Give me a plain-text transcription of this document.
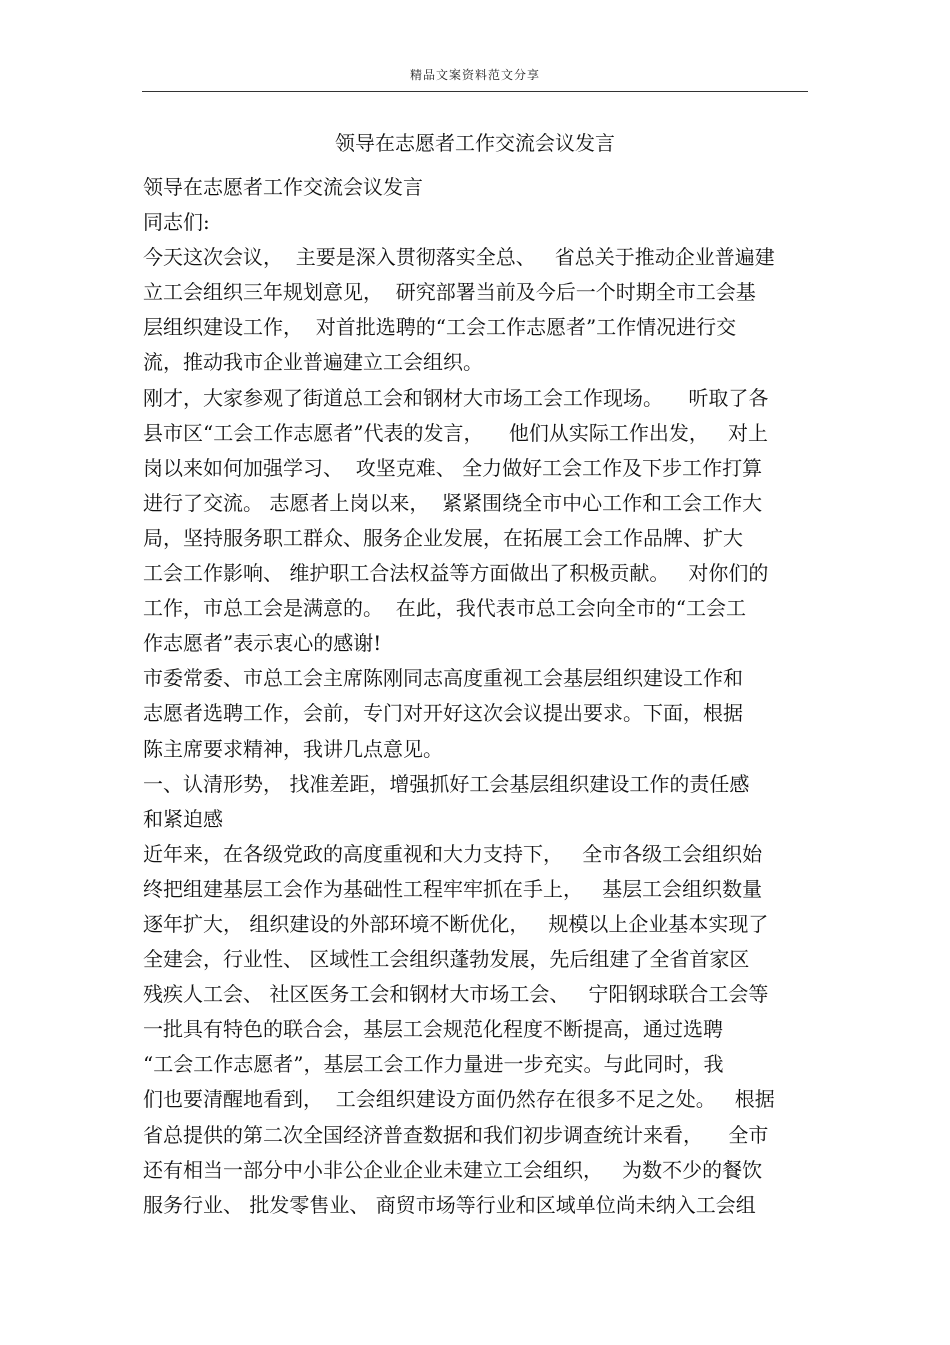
精品文案资料范文分享
领导在志愿者工作交流会议发言
领导在志愿者工作交流会议发言
同志们:
今天这次会议，  主要是深入贯彻落实全总、   省总关于推动企业普遍建
立工会组织三年规划意见，  研究部署当前及今后一个时期全市工会基
层组织建设工作，  对首批选聘的“工会工作志愿者”工作情况进行交
流，推动我市企业普遍建立工会组织。
刚才，大家参观了街道总工会和钢材大市场工会工作现场。    听取了各
县市区“工会工作志愿者”代表的发言，    他们从实际工作出发，   对上
岗以来如何加强学习、  攻坚克难、 全力做好工会工作及下步工作打算
进行了交流。 志愿者上岗以来，  紧紧围绕全市中心工作和工会工作大
局，坚持服务职工群众、服务企业发展，在拓展工会工作品牌、扩大
工会工作影响、 维护职工合法权益等方面做出了积极贡献。   对你们的
工作，市总工会是满意的。  在此，我代表市总工会向全市的“工会工
作志愿者”表示衷心的感谢!
市委常委、市总工会主席陈刚同志高度重视工会基层组织建设工作和
志愿者选聘工作，会前，专门对开好这次会议提出要求。下面，根据
陈主席要求精神，我讲几点意见。
一、认清形势， 找准差距，增强抓好工会基层组织建设工作的责任感
和紧迫感
近年来，在各级党政的高度重视和大力支持下，   全市各级工会组织始
终把组建基层工会作为基础性工程牢牢抓在手上，   基层工会组织数量
逐年扩大， 组织建设的外部环境不断优化，   规模以上企业基本实现了
全建会，行业性、 区域性工会组织蓬勃发展，先后组建了全省首家区
残疾人工会、 社区医务工会和钢材大市场工会、   宁阳钢球联合工会等
一批具有特色的联合会，基层工会规范化程度不断提高，通过选聘
“工会工作志愿者”，基层工会工作力量进一步充实。与此同时，我
们也要清醒地看到，  工会组织建设方面仍然存在很多不足之处。   根据
省总提供的第二次全国经济普查数据和我们初步调查统计来看，    全市
还有相当一部分中小非公企业企业未建立工会组织，   为数不少的餐饮
服务行业、 批发零售业、 商贸市场等行业和区域单位尚未纳入工会组
